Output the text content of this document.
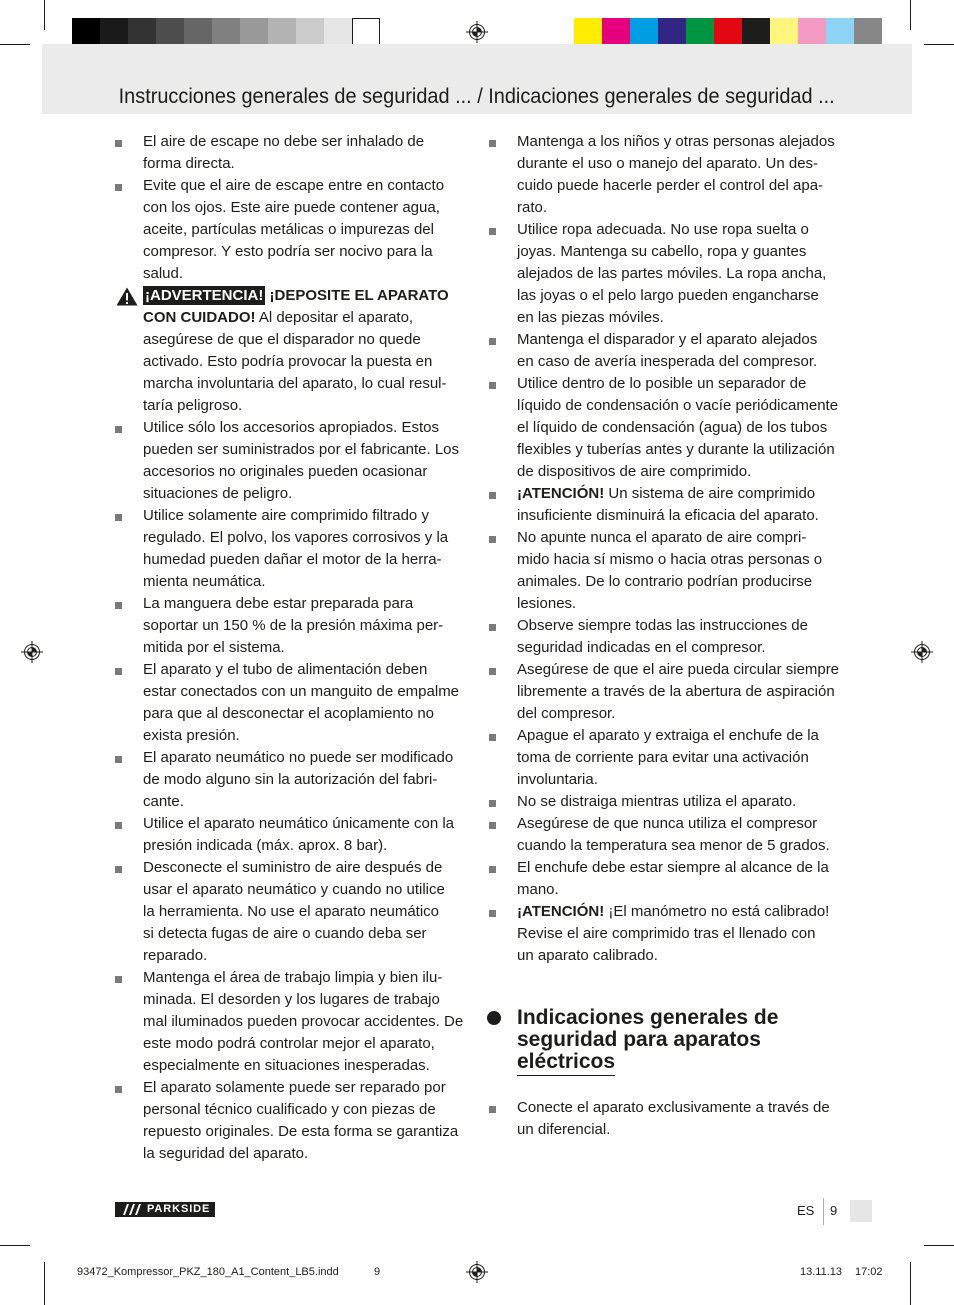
Instrucciones generales de seguridad ... / Indicaciones generales de seguridad ...
El aire de escape no debe ser inhalado de
forma directa.
Evite que el aire de escape entre en contacto
con los ojos. Este aire puede contener agua,
aceite, partículas metálicas o impurezas del
compresor. Y esto podría ser nocivo para la
salud.
¡ADVERTENCIA! ¡DEPOSITE EL APARATO
CON CUIDADO! Al depositar el aparato,
asegúrese de que el disparador no quede
activado. Esto podría provocar la puesta en
marcha involuntaria del aparato, lo cual resul-
taría peligroso.
Utilice sólo los accesorios apropiados. Estos
pueden ser suministrados por el fabricante. Los
accesorios no originales pueden ocasionar
situaciones de peligro.
Utilice solamente aire comprimido filtrado y
regulado. El polvo, los vapores corrosivos y la
humedad pueden dañar el motor de la herra-
mienta neumática.
La manguera debe estar preparada para
soportar un 150 % de la presión máxima per-
mitida por el sistema.
El aparato y el tubo de alimentación deben
estar conectados con un manguito de empalme
para que al desconectar el acoplamiento no
exista presión.
El aparato neumático no puede ser modificado
de modo alguno sin la autorización del fabri-
cante.
Utilice el aparato neumático únicamente con la
presión indicada (máx. aprox. 8 bar).
Desconecte el suministro de aire después de
usar el aparato neumático y cuando no utilice
la herramienta. No use el aparato neumático
si detecta fugas de aire o cuando deba ser
reparado.
Mantenga el área de trabajo limpia y bien ilu-
minada. El desorden y los lugares de trabajo
mal iluminados pueden provocar accidentes. De
este modo podrá controlar mejor el aparato,
especialmente en situaciones inesperadas.
El aparato solamente puede ser reparado por
personal técnico cualificado y con piezas de
repuesto originales. De esta forma se garantiza
la seguridad del aparato.
Mantenga a los niños y otras personas alejados
durante el uso o manejo del aparato. Un des-
cuido puede hacerle perder el control del apa-
rato.
Utilice ropa adecuada. No use ropa suelta o
joyas. Mantenga su cabello, ropa y guantes
alejados de las partes móviles. La ropa ancha,
las joyas o el pelo largo pueden engancharse
en las piezas móviles.
Mantenga el disparador y el aparato alejados
en caso de avería inesperada del compresor.
Utilice dentro de lo posible un separador de
líquido de condensación o vacíe periódicamente
el líquido de condensación (agua) de los tubos
flexibles y tuberías antes y durante la utilización
de dispositivos de aire comprimido.
¡ATENCIÓN! Un sistema de aire comprimido
insuficiente disminuirá la eficacia del aparato.
No apunte nunca el aparato de aire compri-
mido hacia sí mismo o hacia otras personas o
animales. De lo contrario podrían producirse
lesiones.
Observe siempre todas las instrucciones de
seguridad indicadas en el compresor.
Asegúrese de que el aire pueda circular siempre
libremente a través de la abertura de aspiración
del compresor.
Apague el aparato y extraiga el enchufe de la
toma de corriente para evitar una activación
involuntaria.
No se distraiga mientras utiliza el aparato.
Asegúrese de que nunca utiliza el compresor
cuando la temperatura sea menor de 5 grados.
El enchufe debe estar siempre al alcance de la
mano.
¡ATENCIÓN! ¡El manómetro no está calibrado!
Revise el aire comprimido tras el llenado con
un aparato calibrado.
Indicaciones generales de
seguridad para aparatos
eléctricos
Conecte el aparato exclusivamente a través de
un diferencial.
PARKSIDE	ES 9
93472_Kompressor_PKZ_180_A1_Content_LB5.indd	9	13.11.13 17:02
